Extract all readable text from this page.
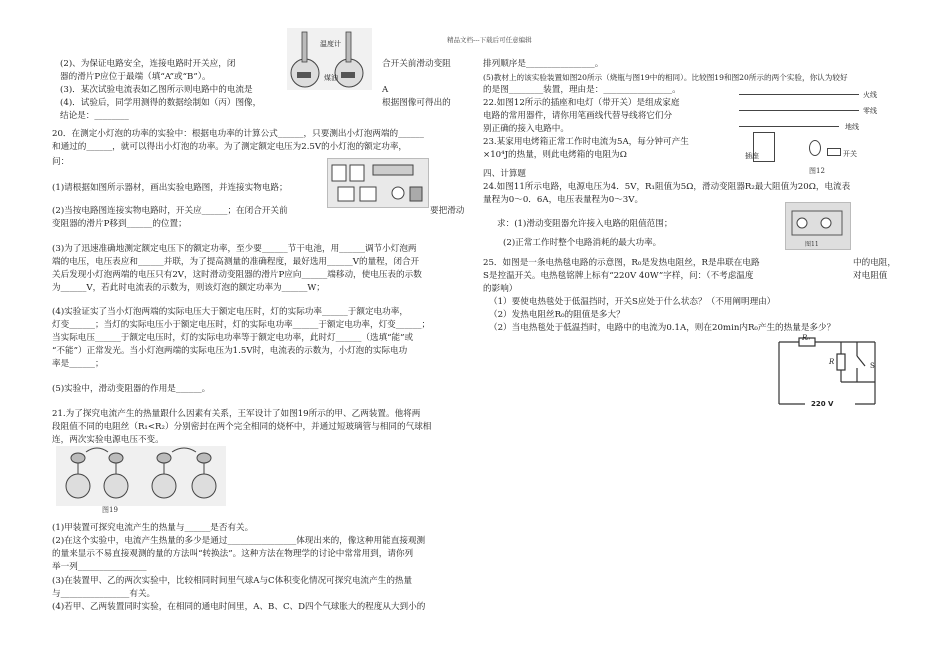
精品文档---下载后可任意编辑
温度计
煤油
(2)、为保证电路安全，连接电路时开关应，闭	合开关前滑动变阻
器的滑片P应位于最端（填“A”或“B”）。
(3)．某次试验电流表如乙图所示则电路中的电流是	A
(4)．试验后，同学用测得的数据绘制如（丙）图像，	根据图像可得出的
结论是：________
20．在测定小灯泡的功率的实验中：根据电功率的计算公式______，只要测出小灯泡两端的______
和通过的______，就可以得出小灯泡的功率。为了测定额定电压为2.5V的小灯泡的额定功率，
问：
(1)请根据如图所示器材，画出实验电路图，并连接实物电路；
(2)当按电路图连接实物电路时，开关应______；在闭合开关前	要把滑动
变阻器的滑片P移到______的位置；
(3)为了迅速准确地测定额定电压下的额定功率，至少要______节干电池，用______调节小灯泡两
端的电压，电压表应和______并联，为了提高测量的准确程度，最好选用______V的量程，闭合开
关后发现小灯泡两端的电压只有2V，这时滑动变阻器的滑片P应向______端移动，使电压表的示数
为______V，若此时电流表的示数为，则该灯泡的额定功率为______W；
(4)实验证实了当小灯泡两端的实际电压大于额定电压时，灯的实际功率______于额定电功率，
灯变______；当灯的实际电压小于额定电压时，灯的实际电功率______于额定电功率，灯变______；
当实际电压______于额定电压时，灯的实际电功率等于额定电功率，此时灯______（选填“能”或
“不能”）正常发光。当小灯泡两端的实际电压为1.5V时，电流表的示数为，小灯泡的实际电功
率是______；
(5)实验中，滑动变阻器的作用是______。
21.为了探究电流产生的热量跟什么因素有关系，王军设计了如图19所示的甲、乙两装置。他将两
段阻值不同的电阻丝（R₁<R₂）分别密封在两个完全相同的烧杯中，并通过短玻璃管与相同的气球相
连，两次实验电源电压不变。
图19
(1)甲装置可探究电流产生的热量与______是否有关。
(2)在这个实验中，电流产生热量的多少是通过________________体现出来的，像这种用能直接观测
的量来显示不易直接观测的量的方法叫“转换法”。这种方法在物理学的讨论中常常用到，请你列
举一列________________
(3)在装置甲、乙的两次实验中，比较相同时间里气球A与C体积变化情况可探究电流产生的热量
与________________有关。
(4)若甲、乙两装置同时实验，在相同的通电时间里，A、B、C、D四个气球胀大的程度从大到小的
排列顺序是________________。
(5)教材上的该实验装置如图20所示（烧瓶与图19中的相同）。比较图19和图20所示的两个实验，你认为较好
的是图________装置，理由是：________________。
22.如图12所示的插座和电灯（带开关）是组成家庭
电路的常用器件，请你用笔画线代替导线将它们分
别正确的接入电路中。
23.某家用电烤箱正常工作时电流为5A，每分钟可产生
×10⁴J的热量，则此电烤箱的电阻为Ω
火线
零线
地线
插座	开关
图12
四、计算题
24.如图11所示电路，电源电压为4．5V，R₁阻值为5Ω，滑动变阻器R₂最大阻值为20Ω，电流表
量程为0～0．6A，电压表量程为0～3V。
图11
求：(1)滑动变阻器允许接入电路的阻值范围；
(2)正常工作时整个电路消耗的最大功率。
25．如图是一条电热毯电路的示意图，R₀是发热电阻丝，R是串联在电路	中的电阻，
S是控温开关。电热毯铭牌上标有“220V 40W”字样，问：（不考虑温度	对电阻值
的影响）
（1）要使电热毯处于低温挡时，开关S应处于什么状态？（不用阐明理由）
（2）发热电阻丝R₀的阻值是多大？
（2）当电热毯处于低温挡时，电路中的电流为0.1A，则在20min内R₀产生的热量是多少？
R₀
R	S
220 V
